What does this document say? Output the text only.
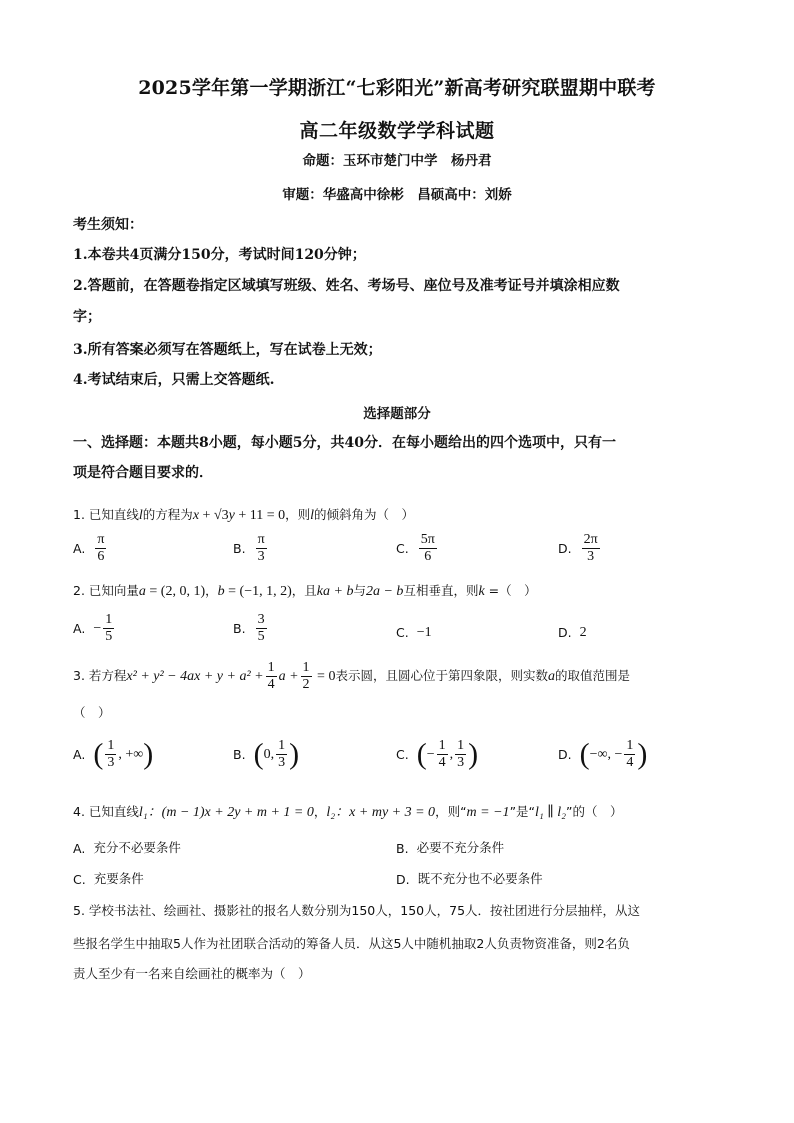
2025学年第一学期浙江“七彩阳光”新高考研究联盟期中联考
高二年级数学学科试题
命题：玉环市楚门中学　杨丹君
审题：华盛高中徐彬　昌硕高中：刘娇
考生须知：
1.本卷共4页满分150分，考试时间120分钟；
2.答题前，在答题卷指定区域填写班级、姓名、考场号、座位号及准考证号并填涂相应数
字；
3.所有答案必须写在答题纸上，写在试卷上无效；
4.考试结束后，只需上交答题纸.
选择题部分
一、选择题：本题共8小题，每小题5分，共40分．在每小题给出的四个选项中，只有一
项是符合题目要求的．
1. 已知直线l的方程为x + √3y + 11 = 0，则l的倾斜角为（　）
A. $\frac{\pi}{6}$	B. $\frac{\pi}{3}$	C. $\frac{5\pi}{6}$	D. $\frac{2\pi}{3}$
2. 已知向量a = (2, 0, 1)，b = (−1, 1, 2)，且ka + b与2a − b互相垂直，则k =（　）
A. − $\frac{1}{5}$	B. $\frac{3}{5}$	C. −1	D. 2
3. 若方程$x^2 + y^2 - 4ax + y + a^2 + \frac{1}{4}$ $a + \frac{1}{2} = 0$表示圆，且圆心位于第四象限，则实数a的取值范围是
（　）
A. ( $\frac{1}{3}$ , +∞)	B. (0, $\frac{1}{3}$ )	C. (− $\frac{1}{4}$ , $\frac{1}{3}$ )	D. (−∞, − $\frac{1}{4}$ )
4. 已知直线l₁：(m − 1)x + 2y + m + 1 = 0，l₂：x + my + 3 = 0，则“m = −1”是“l₁ ∥ l₂”的（　）
A. 充分不必要条件	B. 必要不充分条件
C. 充要条件	D. 既不充分也不必要条件
5. 学校书法社、绘画社、摄影社的报名人数分别为150人，150人，75人．按社团进行分层抽样，从这
些报名学生中抽取5人作为社团联合活动的筹备人员．从这5人中随机抽取2人负责物资准备，则2名负
责人至少有一名来自绘画社的概率为（　）
